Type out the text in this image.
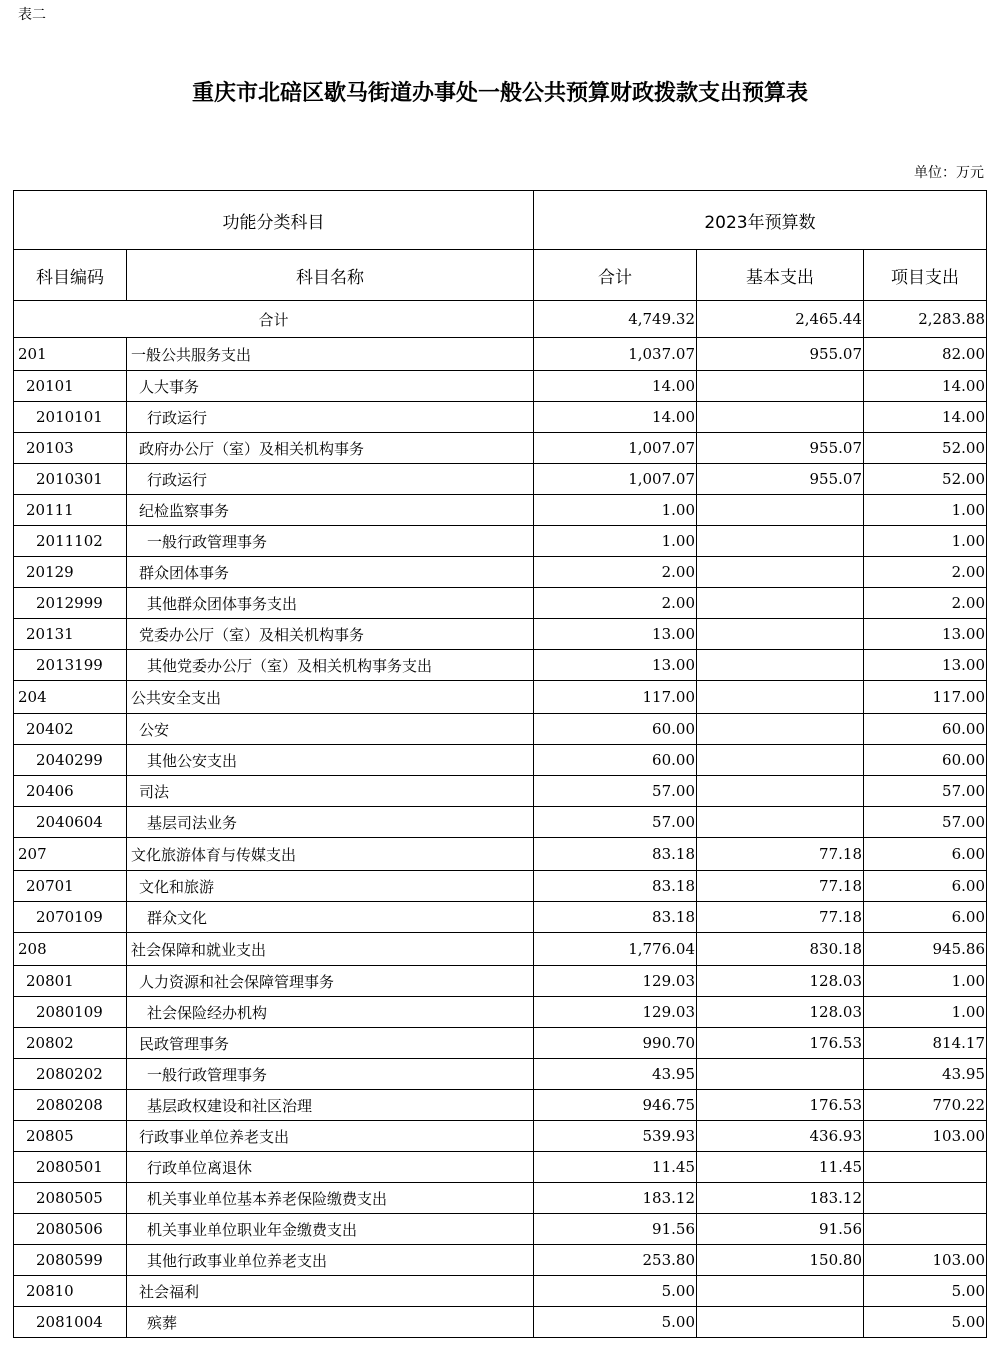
表二
重庆市北碚区歇马街道办事处一般公共预算财政拨款支出预算表
单位：万元
功能分类科目		2023年预算数		
科目编码	科目名称	合计	基本支出	项目支出
合计		4,749.32	2,465.44	2,283.88
201	一般公共服务支出	1,037.07	955.07	82.00
20101	人大事务	14.00		14.00
2010101	行政运行	14.00		14.00
20103	政府办公厅（室）及相关机构事务	1,007.07	955.07	52.00
2010301	行政运行	1,007.07	955.07	52.00
20111	纪检监察事务	1.00		1.00
2011102	一般行政管理事务	1.00		1.00
20129	群众团体事务	2.00		2.00
2012999	其他群众团体事务支出	2.00		2.00
20131	党委办公厅（室）及相关机构事务	13.00		13.00
2013199	其他党委办公厅（室）及相关机构事务支出	13.00		13.00
204	公共安全支出	117.00		117.00
20402	公安	60.00		60.00
2040299	其他公安支出	60.00		60.00
20406	司法	57.00		57.00
2040604	基层司法业务	57.00		57.00
207	文化旅游体育与传媒支出	83.18	77.18	6.00
20701	文化和旅游	83.18	77.18	6.00
2070109	群众文化	83.18	77.18	6.00
208	社会保障和就业支出	1,776.04	830.18	945.86
20801	人力资源和社会保障管理事务	129.03	128.03	1.00
2080109	社会保险经办机构	129.03	128.03	1.00
20802	民政管理事务	990.70	176.53	814.17
2080202	一般行政管理事务	43.95		43.95
2080208	基层政权建设和社区治理	946.75	176.53	770.22
20805	行政事业单位养老支出	539.93	436.93	103.00
2080501	行政单位离退休	11.45	11.45	
2080505	机关事业单位基本养老保险缴费支出	183.12	183.12	
2080506	机关事业单位职业年金缴费支出	91.56	91.56	
2080599	其他行政事业单位养老支出	253.80	150.80	103.00
20810	社会福利	5.00		5.00
2081004	殡葬	5.00		5.00
